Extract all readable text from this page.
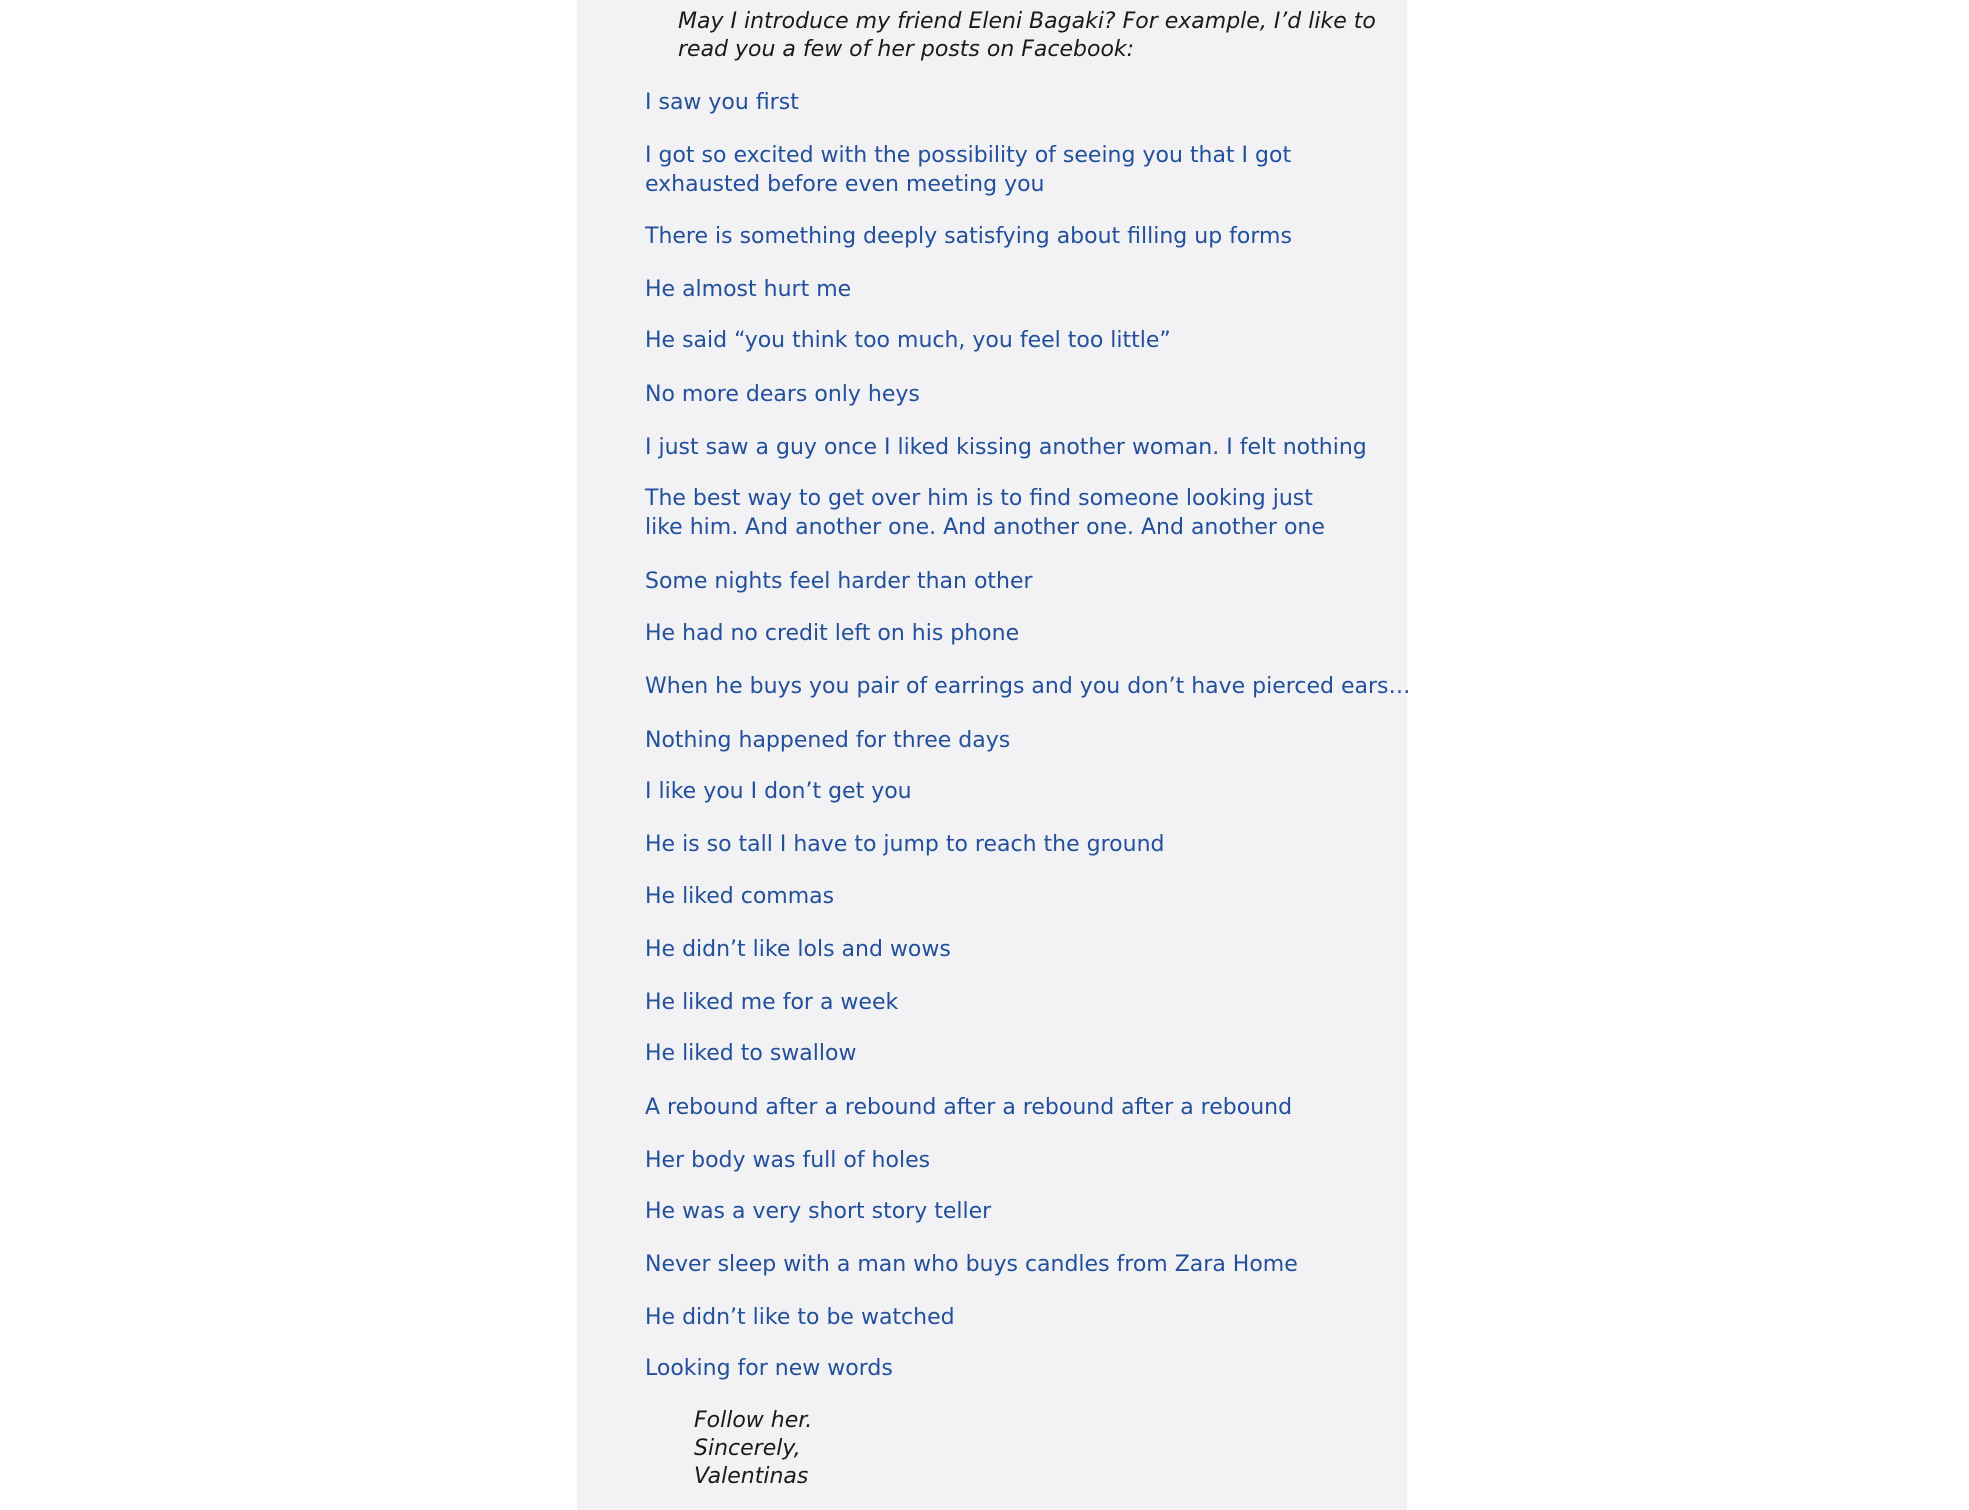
May I introduce my friend Eleni Bagaki? For example, I’d like to
read you a few of her posts on Facebook:
I saw you first
I got so excited with the possibility of seeing you that I got exhausted before even meeting you
There is something deeply satisfying about filling up forms
He almost hurt me
He said “you think too much, you feel too little”
No more dears only heys
I just saw a guy once I liked kissing another woman. I felt nothing
The best way to get over him is to find someone looking just like him. And another one. And another one. And another one
Some nights feel harder than other
He had no credit left on his phone
When he buys you pair of earrings and you don’t have pierced ears…
Nothing happened for three days
I like you I don’t get you
He is so tall I have to jump to reach the ground
He liked commas
He didn’t like lols and wows
He liked me for a week
He liked to swallow
A rebound after a rebound after a rebound after a rebound
Her body was full of holes
He was a very short story teller
Never sleep with a man who buys candles from Zara Home
He didn’t like to be watched
Looking for new words
Follow her.
Sincerely,
Valentinas
